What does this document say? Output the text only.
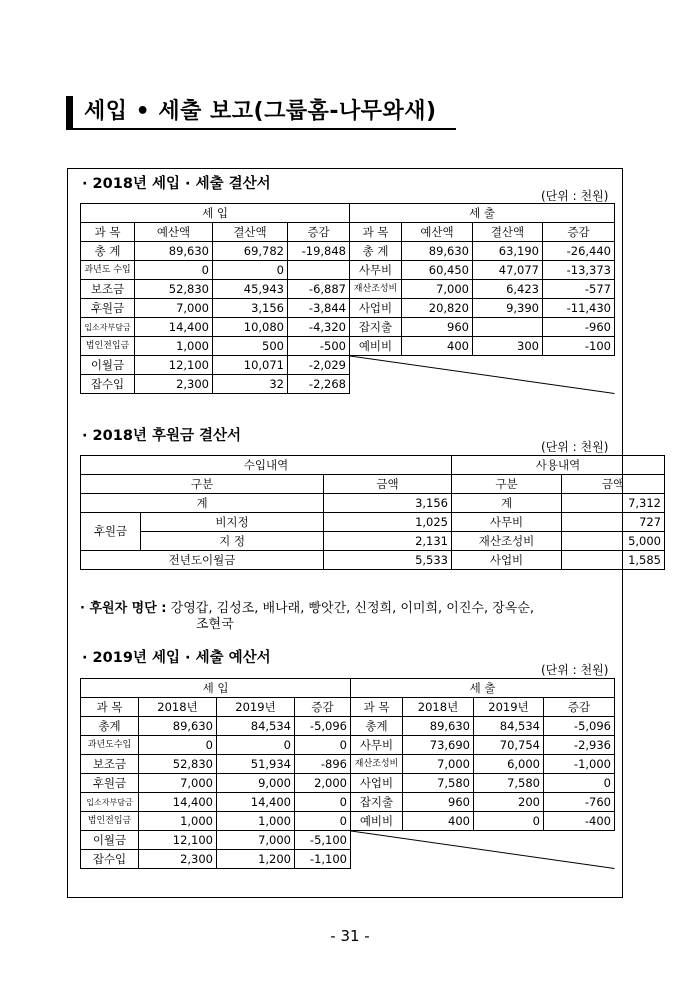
세입 • 세출 보고(그룹홈-나무와새)
· 2018년 세입 · 세출 결산서
(단위 : 천원)
세 입				세 출			
과 목	예산액	결산액	증감	과 목	예산액	결산액	증감
총 계	89,630	69,782	-19,848	총 계	89,630	63,190	-26,440
과년도 수입	0	0		사무비	60,450	47,077	-13,373
보조금	52,830	45,943	-6,887	재산조성비	7,000	6,423	-577
후원금	7,000	3,156	-3,844	사업비	20,820	9,390	-11,430
입소자부담금	14,400	10,080	-4,320	잡지출	960		-960
법인전입금	1,000	500	-500	예비비	400	300	-100
이월금	12,100	10,071	-2,029	

잡수입	2,300	32	-2,268				
· 2018년 후원금 결산서
(단위 : 천원)
수입내역			사용내역	
구분		금액	구분	금액
계		3,156	계	7,312
후원금	비지정	1,025	사무비	727
	지 정	2,131	재산조성비	5,000
전년도이월금		5,533	사업비	1,585
· 후원자 명단 : 강영갑, 김성조, 배나래, 빵앗간, 신정희, 이미희, 이진수, 장옥순,
조현국
· 2019년 세입 · 세출 예산서
(단위 : 천원)
세 입				세 출			
과 목	2018년	2019년	증감	과 목	2018년	2019년	증감
총계	89,630	84,534	-5,096	총계	89,630	84,534	-5,096
과년도수입	0	0	0	사무비	73,690	70,754	-2,936
보조금	52,830	51,934	-896	재산조성비	7,000	6,000	-1,000
후원금	7,000	9,000	2,000	사업비	7,580	7,580	0
입소자부담금	14,400	14,400	0	잡지출	960	200	-760
법인전입금	1,000	1,000	0	예비비	400	0	-400
이월금	12,100	7,000	-5,100	

잡수입	2,300	1,200	-1,100				
- 31 -
